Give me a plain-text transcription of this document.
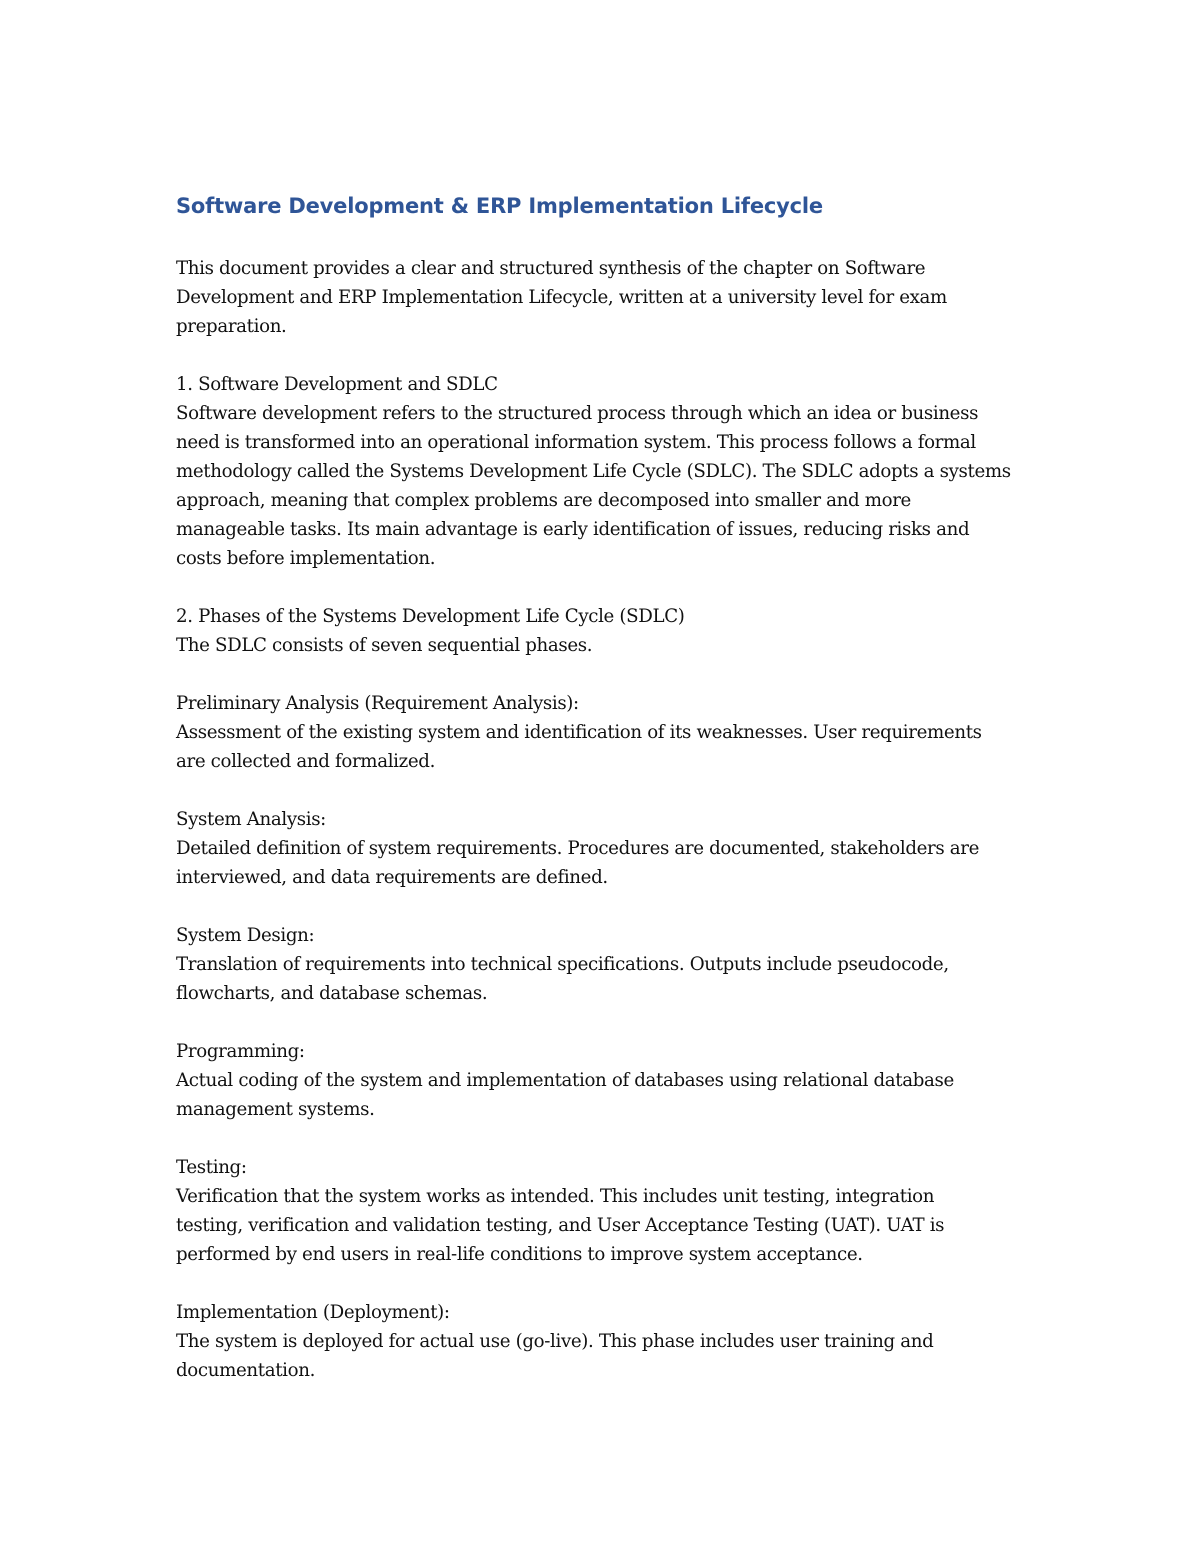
Software Development & ERP Implementation Lifecycle

This document provides a clear and structured synthesis of the chapter on Software
Development and ERP Implementation Lifecycle, written at a university level for exam
preparation.

1. Software Development and SDLC
Software development refers to the structured process through which an idea or business
need is transformed into an operational information system. This process follows a formal
methodology called the Systems Development Life Cycle (SDLC). The SDLC adopts a systems
approach, meaning that complex problems are decomposed into smaller and more
manageable tasks. Its main advantage is early identification of issues, reducing risks and
costs before implementation.

2. Phases of the Systems Development Life Cycle (SDLC)
The SDLC consists of seven sequential phases.

Preliminary Analysis (Requirement Analysis):
Assessment of the existing system and identification of its weaknesses. User requirements
are collected and formalized.

System Analysis:
Detailed definition of system requirements. Procedures are documented, stakeholders are
interviewed, and data requirements are defined.

System Design:
Translation of requirements into technical specifications. Outputs include pseudocode,
flowcharts, and database schemas.

Programming:
Actual coding of the system and implementation of databases using relational database
management systems.

Testing:
Verification that the system works as intended. This includes unit testing, integration
testing, verification and validation testing, and User Acceptance Testing (UAT). UAT is
performed by end users in real-life conditions to improve system acceptance.

Implementation (Deployment):
The system is deployed for actual use (go-live). This phase includes user training and
documentation.
